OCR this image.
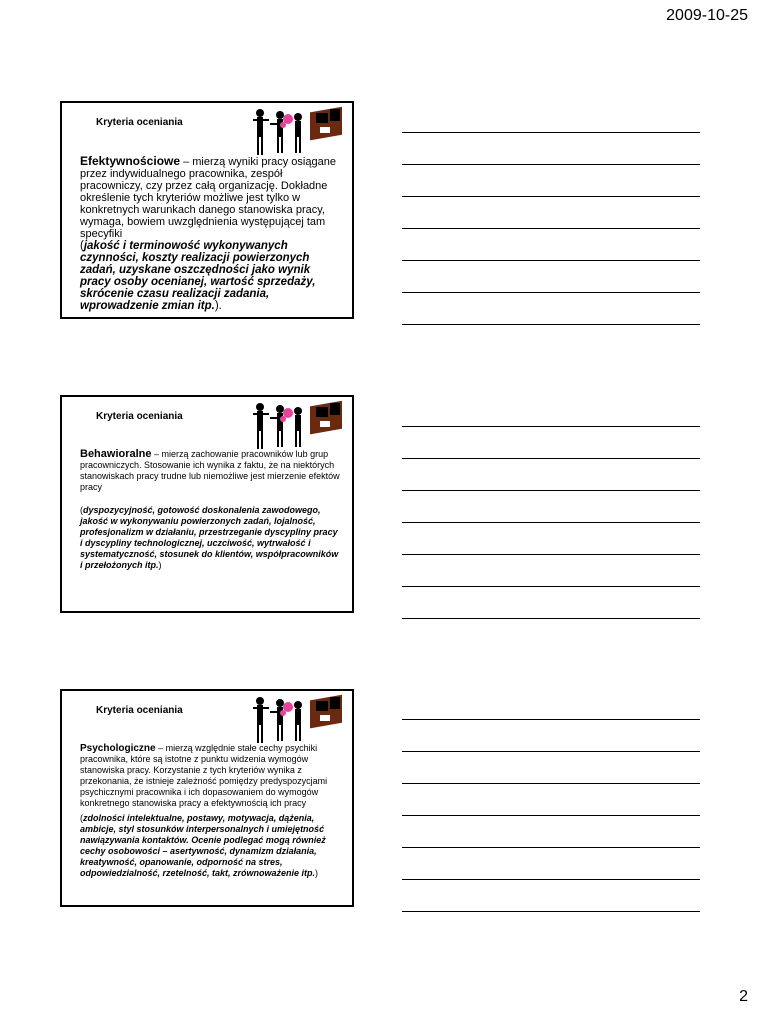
2009-10-25
Kryteria oceniania
Efektywnościowe – mierzą wyniki pracy osiągane przez indywidualnego pracownika, zespół pracowniczy, czy przez całą organizację. Dokładne określenie tych kryteriów możliwe jest tylko w konkretnych warunkach danego stanowiska pracy, wymaga, bowiem uwzględnienia występującej tam specyfiki
(jakość i terminowość wykonywanych czynności, koszty realizacji powierzonych zadań, uzyskane oszczędności jako wynik pracy osoby ocenianej, wartość sprzedaży, skrócenie czasu realizacji zadania, wprowadzenie zmian itp.).
Kryteria oceniania
Behawioralne – mierzą zachowanie pracowników lub grup pracowniczych. Stosowanie ich wynika z faktu, że na niektórych stanowiskach pracy trudne lub niemożliwe jest mierzenie efektów pracy
(dyspozycyjność, gotowość doskonalenia zawodowego, jakość w wykonywaniu powierzonych zadań, lojalność, profesjonalizm w działaniu, przestrzeganie dyscypliny pracy i dyscypliny technologicznej, uczciwość, wytrwałość i systematyczność, stosunek do klientów, współpracowników i przełożonych itp.)
Kryteria oceniania
Psychologiczne – mierzą względnie stałe cechy psychiki pracownika, które są istotne z punktu widzenia wymogów stanowiska pracy. Korzystanie z tych kryteriów wynika z przekonania, że istnieje zależność pomiędzy predyspozycjami psychicznymi pracownika i ich dopasowaniem do wymogów konkretnego stanowiska pracy a efektywnością ich pracy
(zdolności intelektualne, postawy, motywacja, dążenia, ambicje, styl stosunków interpersonalnych i umiejętność nawiązywania kontaktów. Ocenie podlegać mogą również cechy osobowości – asertywność, dynamizm działania, kreatywność, opanowanie, odporność na stres, odpowiedzialność, rzetelność, takt, zrównoważenie itp.)
2
